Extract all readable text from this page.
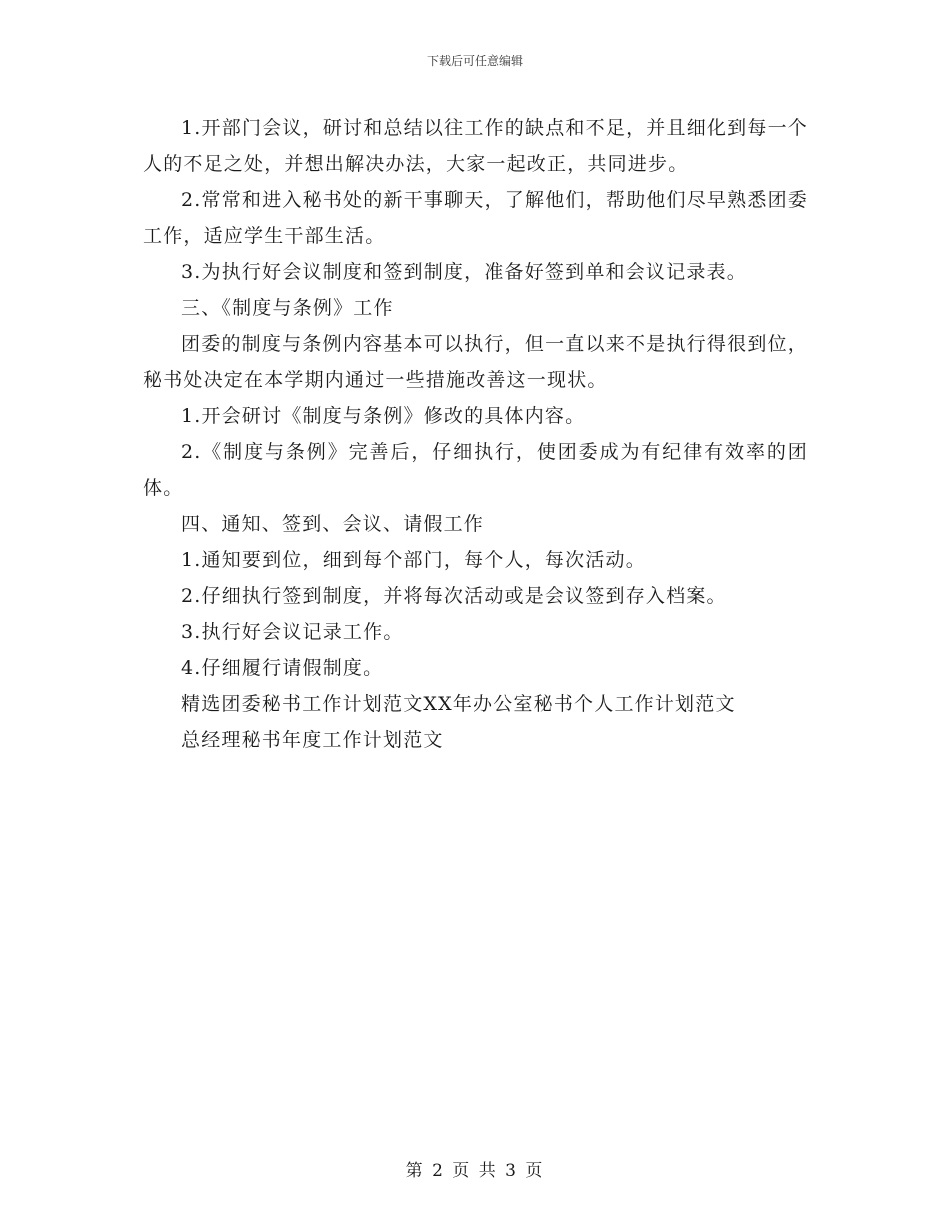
下载后可任意编辑

1.开部门会议，研讨和总结以往工作的缺点和不足，并且细化到每一个人的不足之处，并想出解决办法，大家一起改正，共同进步。

2.常常和进入秘书处的新干事聊天，了解他们，帮助他们尽早熟悉团委工作，适应学生干部生活。

3.为执行好会议制度和签到制度，准备好签到单和会议记录表。

三、《制度与条例》工作

团委的制度与条例内容基本可以执行，但一直以来不是执行得很到位，秘书处决定在本学期内通过一些措施改善这一现状。

1.开会研讨《制度与条例》修改的具体内容。

2.《制度与条例》完善后，仔细执行，使团委成为有纪律有效率的团体。

四、通知、签到、会议、请假工作

1.通知要到位，细到每个部门，每个人，每次活动。

2.仔细执行签到制度，并将每次活动或是会议签到存入档案。

3.执行好会议记录工作。

4.仔细履行请假制度。

精选团委秘书工作计划范文XX年办公室秘书个人工作计划范文

总经理秘书年度工作计划范文

第 2 页 共 3 页
